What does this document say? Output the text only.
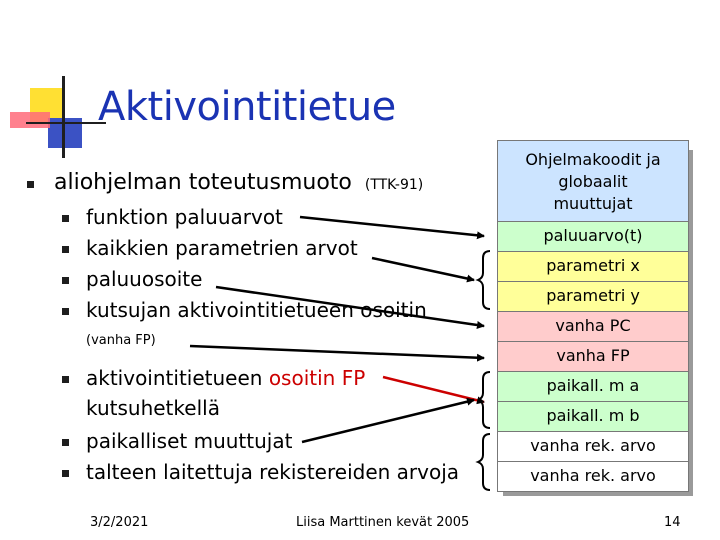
Aktivointitietue
aliohjelman toteutusmuoto (TTK-91)
funktion paluuarvot
kaikkien parametrien arvot
paluuosoite
kutsujan aktivointitietueen osoitin
(vanha FP)
aktivointitietueen osoitin FP
kutsuhetkellä
paikalliset muuttujat
talteen laitettuja rekistereiden arvoja
Ohjelmakoodit ja
globaalit
muuttujat
paluuarvo(t)
parametri x
parametri y
vanha PC
vanha FP
paikall. m a
paikall. m b
vanha rek. arvo
vanha rek. arvo
3/2/2021	Liisa Marttinen kevät 2005	14
